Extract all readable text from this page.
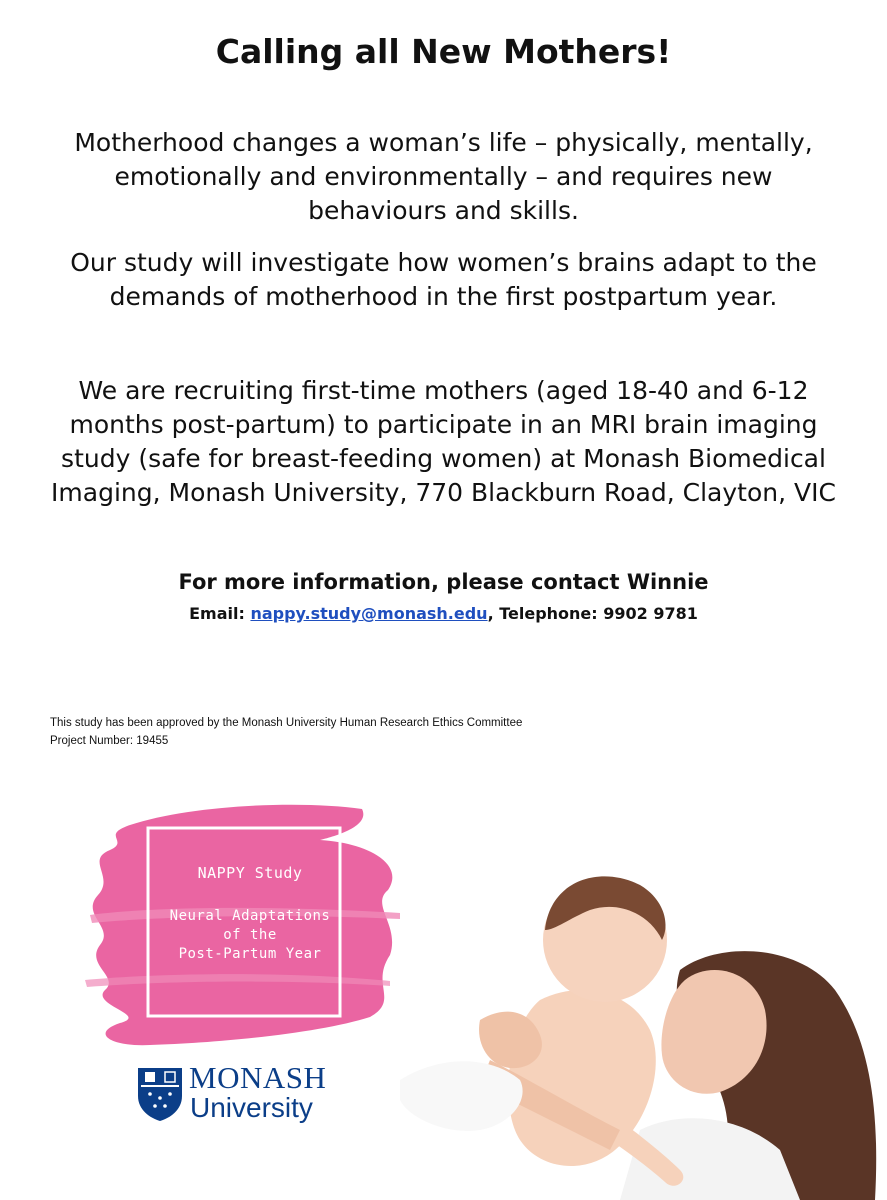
Calling all New Mothers!
Motherhood changes a woman’s life – physically, mentally,
emotionally and environmentally – and requires new
behaviours and skills.
Our study will investigate how women’s brains adapt to the
demands of motherhood in the first postpartum year.
We are recruiting first-time mothers (aged 18-40 and 6-12
months post-partum) to participate in an MRI brain imaging
study (safe for breast-feeding women) at Monash Biomedical
Imaging, Monash University, 770 Blackburn Road, Clayton, VIC
For more information, please contact Winnie
Email: nappy.study@monash.edu, Telephone: 9902 9781
This study has been approved by the Monash University Human Research Ethics Committee
Project Number: 19455
NAPPY Study
Neural Adaptations
of the
Post-Partum Year
MONASH
University
